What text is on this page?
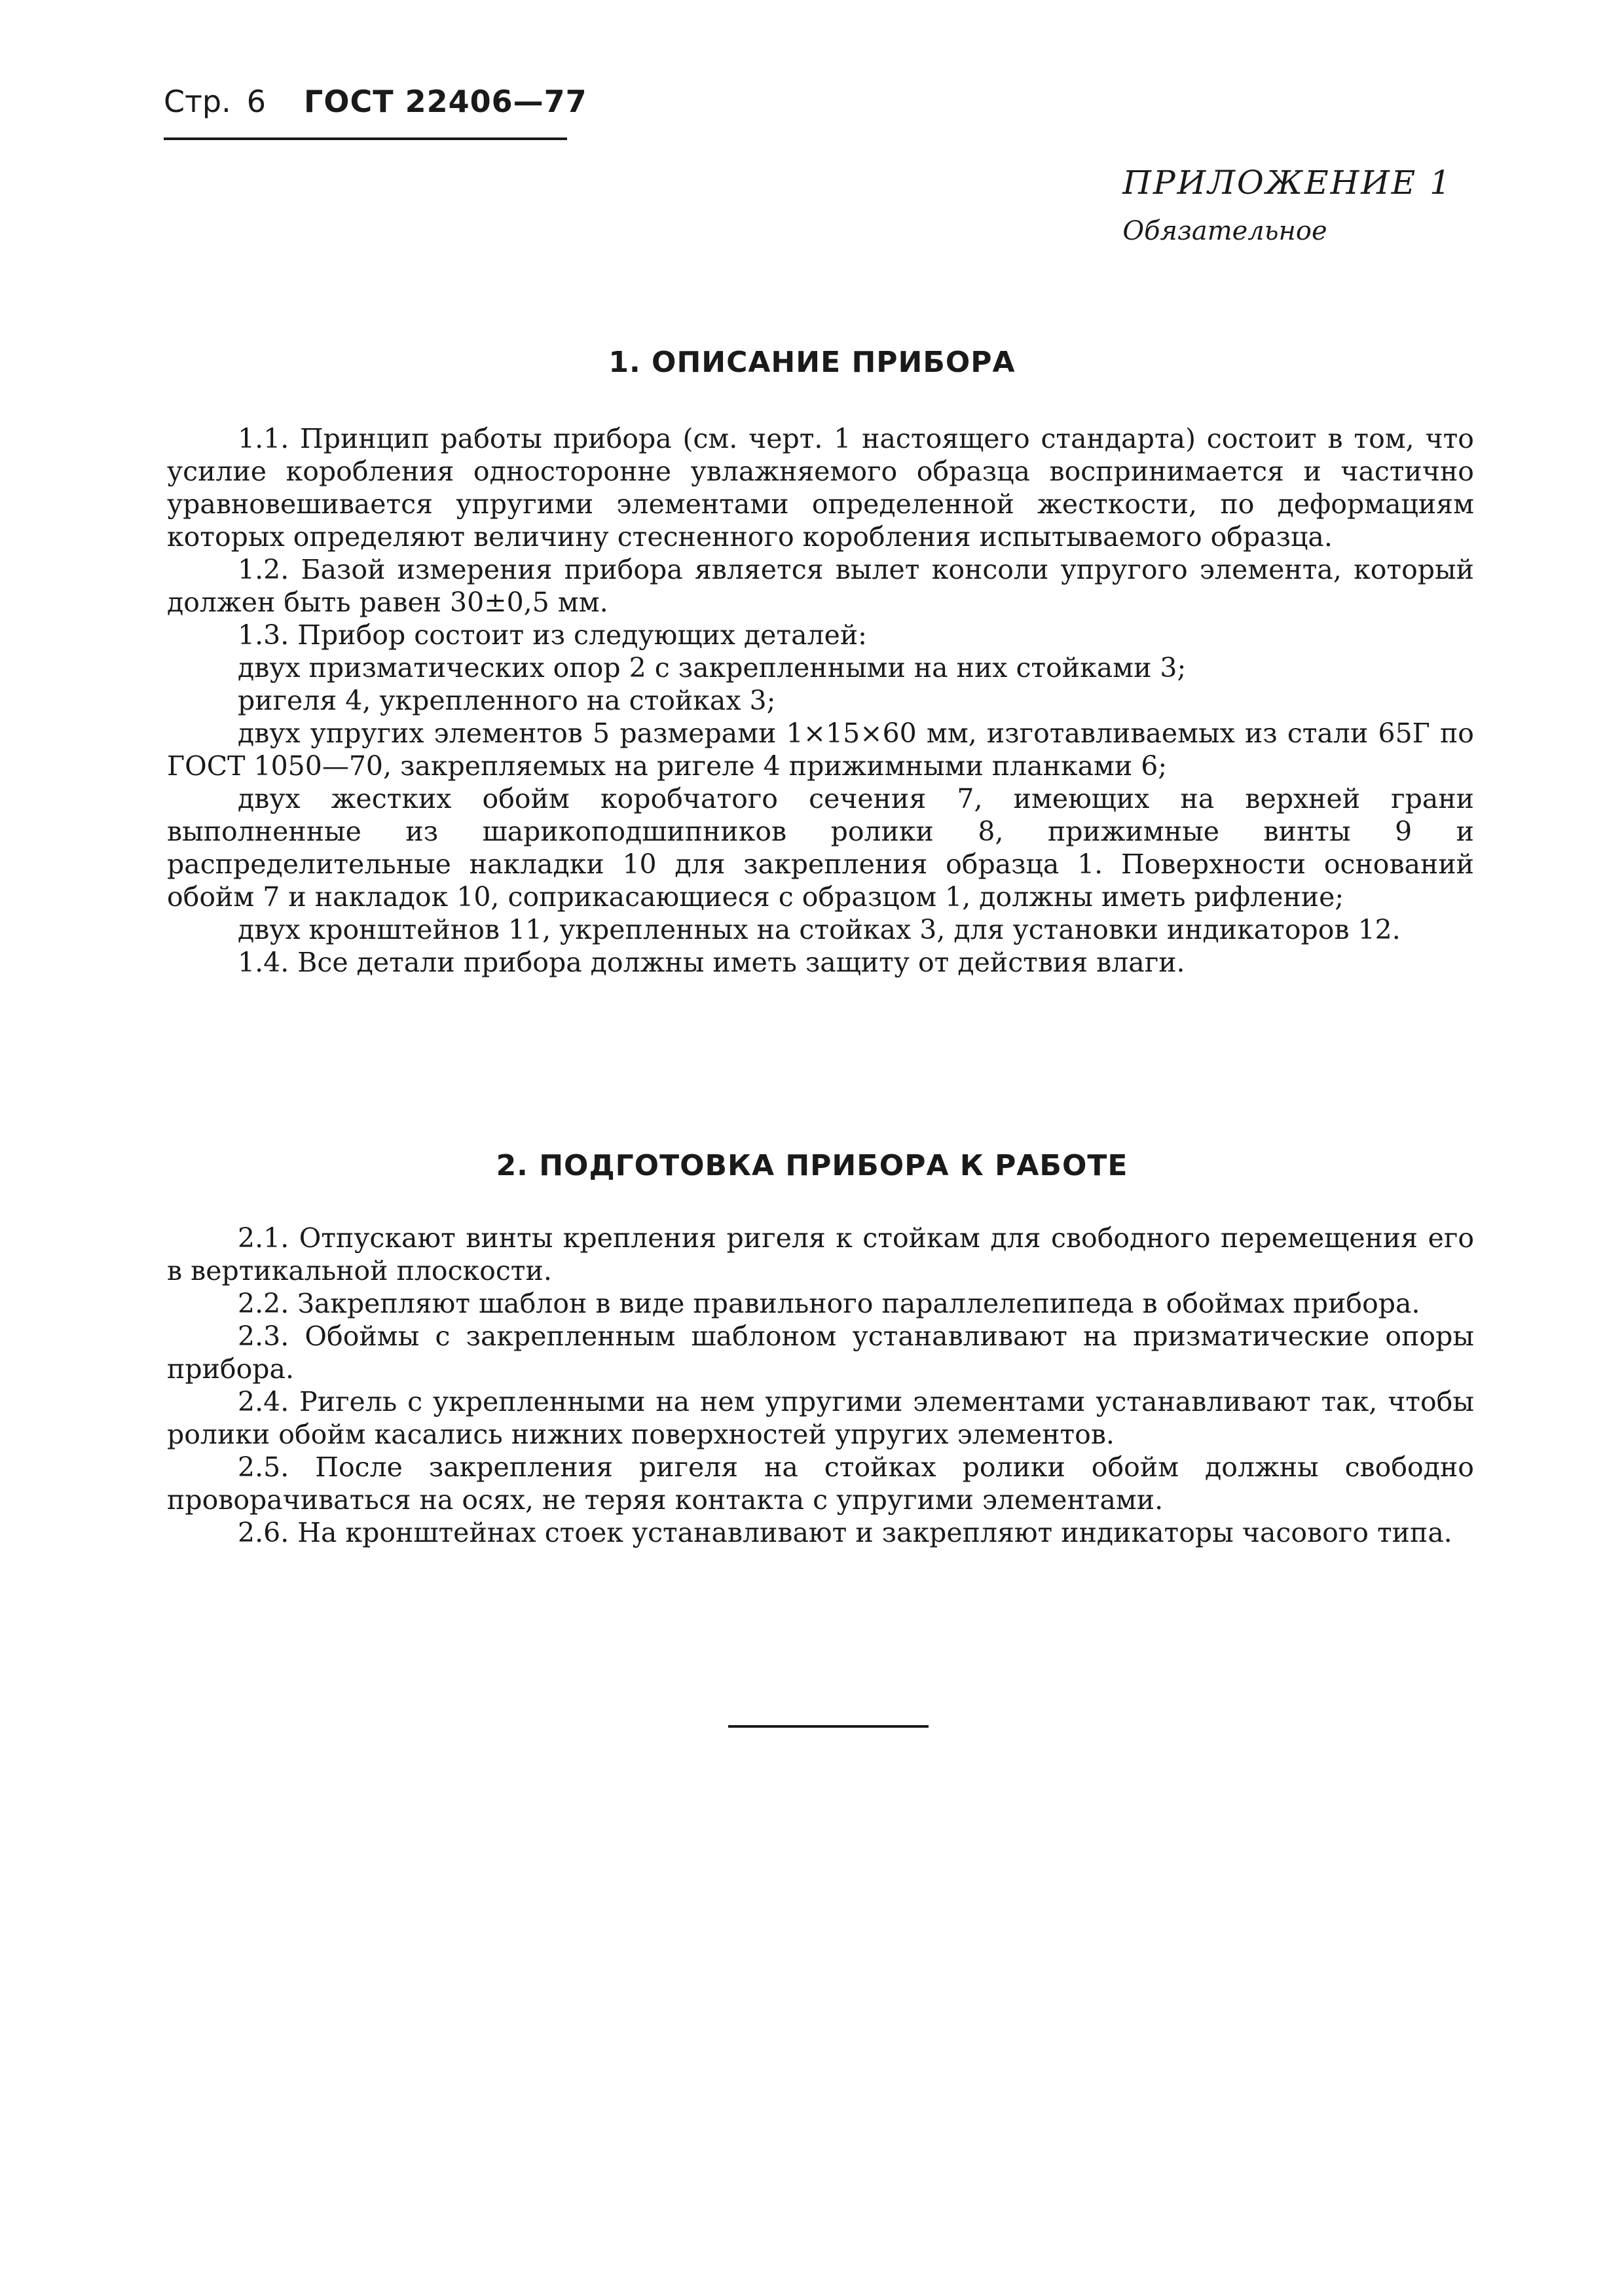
Стр. 6 ГОСТ 22406—77
ПРИЛОЖЕНИЕ 1
Обязательное
1. ОПИСАНИЕ ПРИБОРА

1.1. Принцип работы прибора (см. черт. 1 настоящего стандарта) состоит в том, что усилие коробления односторонне увлажняемого образца воспринимается и частично уравновешивается упругими элементами определенной жесткости, по деформациям которых определяют величину стесненного коробления испытываемого образца.

1.2. Базой измерения прибора является вылет консоли упругого элемента, который должен быть равен 30±0,5 мм.

1.3. Прибор состоит из следующих деталей:

двух призматических опор 2 с закрепленными на них стойками 3;

ригеля 4, укрепленного на стойках 3;

двух упругих элементов 5 размерами 1×15×60 мм, изготавливаемых из стали 65Г по ГОСТ 1050—70, закрепляемых на ригеле 4 прижимными планками 6;

двух жестких обойм коробчатого сечения 7, имеющих на верхней грани выполненные из шарикоподшипников ролики 8, прижимные винты 9 и распределительные накладки 10 для закрепления образца 1. Поверхности оснований обойм 7 и накладок 10, соприкасающиеся с образцом 1, должны иметь рифление;

двух кронштейнов 11, укрепленных на стойках 3, для установки индикаторов 12.

1.4. Все детали прибора должны иметь защиту от действия влаги.

2. ПОДГОТОВКА ПРИБОРА К РАБОТЕ

2.1. Отпускают винты крепления ригеля к стойкам для свободного перемещения его в вертикальной плоскости.

2.2. Закрепляют шаблон в виде правильного параллелепипеда в обоймах прибора.

2.3. Обоймы с закрепленным шаблоном устанавливают на призматические опоры прибора.

2.4. Ригель с укрепленными на нем упругими элементами устанавливают так, чтобы ролики обойм касались нижних поверхностей упругих элементов.

2.5. После закрепления ригеля на стойках ролики обойм должны свободно проворачиваться на осях, не теряя контакта с упругими элементами.

2.6. На кронштейнах стоек устанавливают и закрепляют индикаторы часового типа.
